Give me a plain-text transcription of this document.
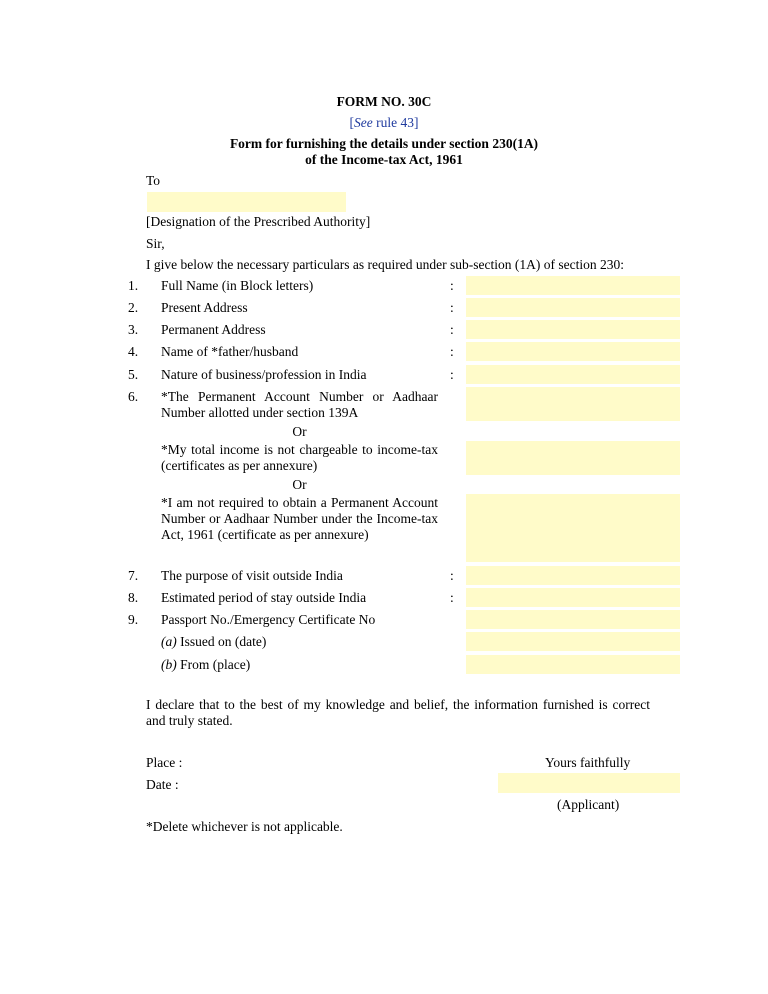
FORM NO. 30C
[See rule 43]
Form for furnishing the details under section 230(1A)
of the Income-tax Act, 1961
To
[Designation of the Prescribed Authority]
Sir,
I give below the necessary particulars as required under sub-section (1A) of section 230:
1. Full Name (in Block letters)	:
2. Present Address	:
3. Permanent Address	:
4. Name of *father/husband	:
5. Nature of business/profession in India	:
6. *The Permanent Account Number or Aadhaar Number allotted under section 139A
Or
*My total income is not chargeable to income-tax (certificates as per annexure)
Or
*I am not required to obtain a Permanent Account Number or Aadhaar Number under the Income-tax Act, 1961 (certificate as per annexure)
7. The purpose of visit outside India	:
8. Estimated period of stay outside India	:
9. Passport No./Emergency Certificate No
(a) Issued on (date)
(b) From (place)
I declare that to the best of my knowledge and belief, the information furnished is correct and truly stated.
Place :	Yours faithfully
Date :
(Applicant)
*Delete whichever is not applicable.
